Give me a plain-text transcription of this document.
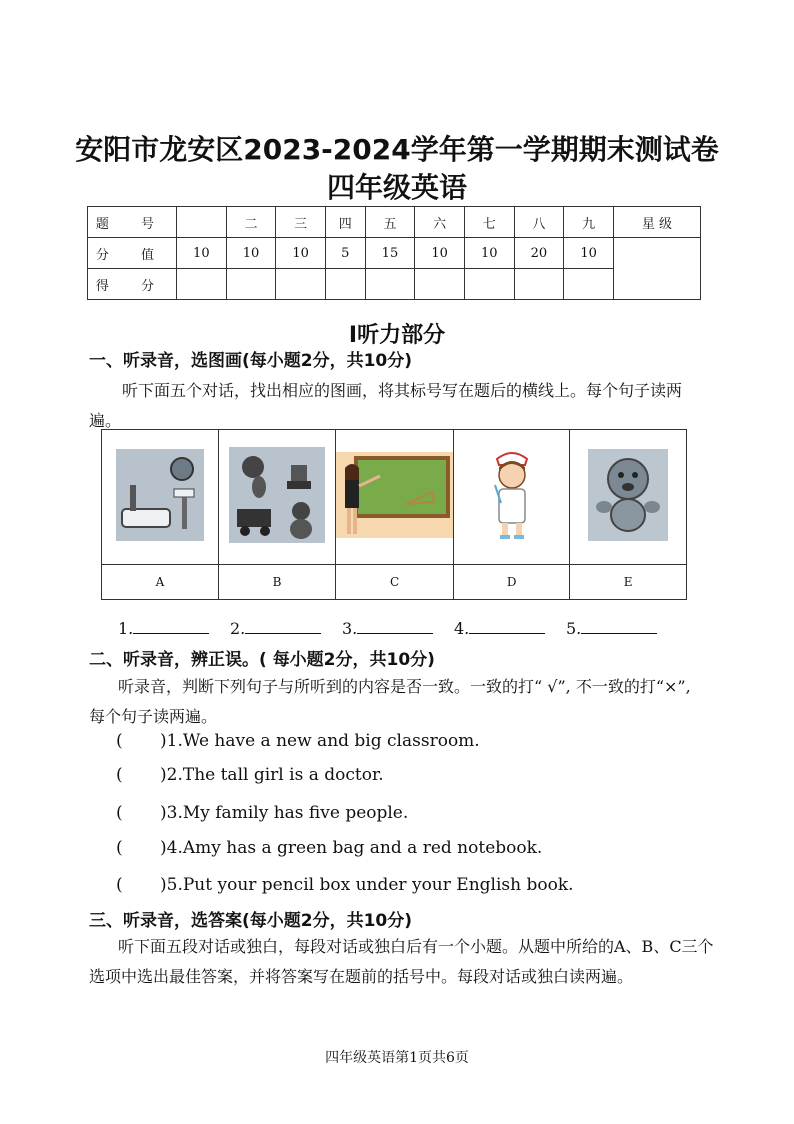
安阳市龙安区2023-2024学年第一学期期末测试卷
四年级英语
题 号		二	三	四	五	六	七	八	九	星 级
分 值	10	10	10	5	15	10	10	20	10	
得 分										
I听力部分
一、听录音，选图画(每小题2分，共10分)
听下面五个对话，找出相应的图画，将其标号写在题后的横线上。每个句子读两遍。

A	B	C	D	E
1.	2.	3.	4.	5.
二、听录音，辨正误。( 每小题2分，共10分)
听录音，判断下列句子与所听到的内容是否一致。一致的打“ √”, 不一致的打“×”, 每个句子读两遍。
( )1.We have a new and big classroom.
( )2.The tall girl is a doctor.
( )3.My family has five people.
( )4.Amy has a green bag and a red notebook.
( )5.Put your pencil box under your English book.
三、听录音，选答案(每小题2分，共10分)
听下面五段对话或独白，每段对话或独白后有一个小题。从题中所给的A、B、C三个选项中选出最佳答案，并将答案写在题前的括号中。每段对话或独白读两遍。
四年级英语第1页共6页
